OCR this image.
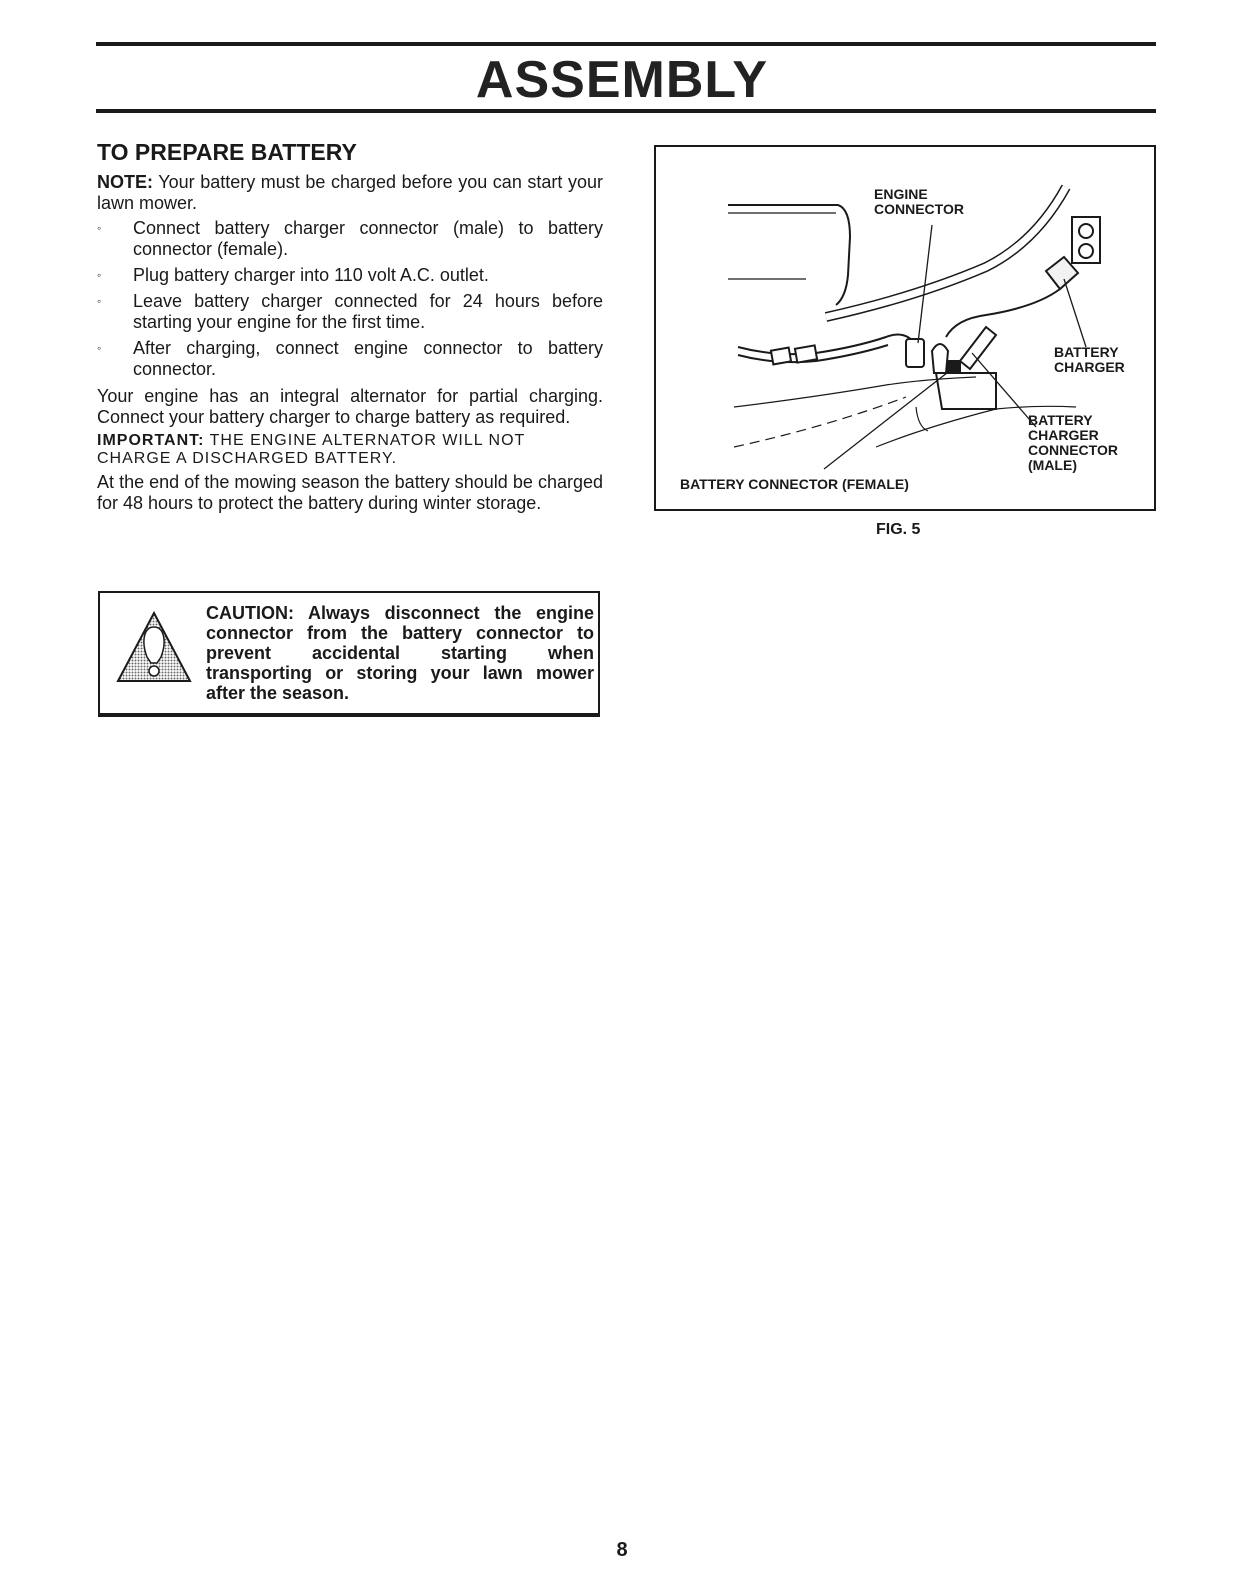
ASSEMBLY
TO PREPARE BATTERY

NOTE: Your battery must be charged before you can start your lawn mower.

◦	Connect battery charger connector (male) to battery connector (female).
◦	Plug battery charger into 110 volt A.C. outlet.
◦	Leave battery charger connected for 24 hours before starting your engine for the first time.
◦	After charging, connect engine connector to battery connector.

Your engine has an integral alternator for partial charging. Connect your battery charger to charge battery as required.

IMPORTANT: THE ENGINE ALTERNATOR WILL NOT CHARGE A DISCHARGED BATTERY.

At the end of the mowing season the battery should be charged for 48 hours to protect the battery during winter storage.

CAUTION: Always disconnect the engine connector from the battery connector to prevent accidental starting when transporting or storing your lawn mower after the season.
ENGINE CONNECTOR
BATTERY CHARGER
BATTERY CHARGER CONNECTOR (MALE)
BATTERY CONNECTOR (FEMALE)
FIG. 5
8
